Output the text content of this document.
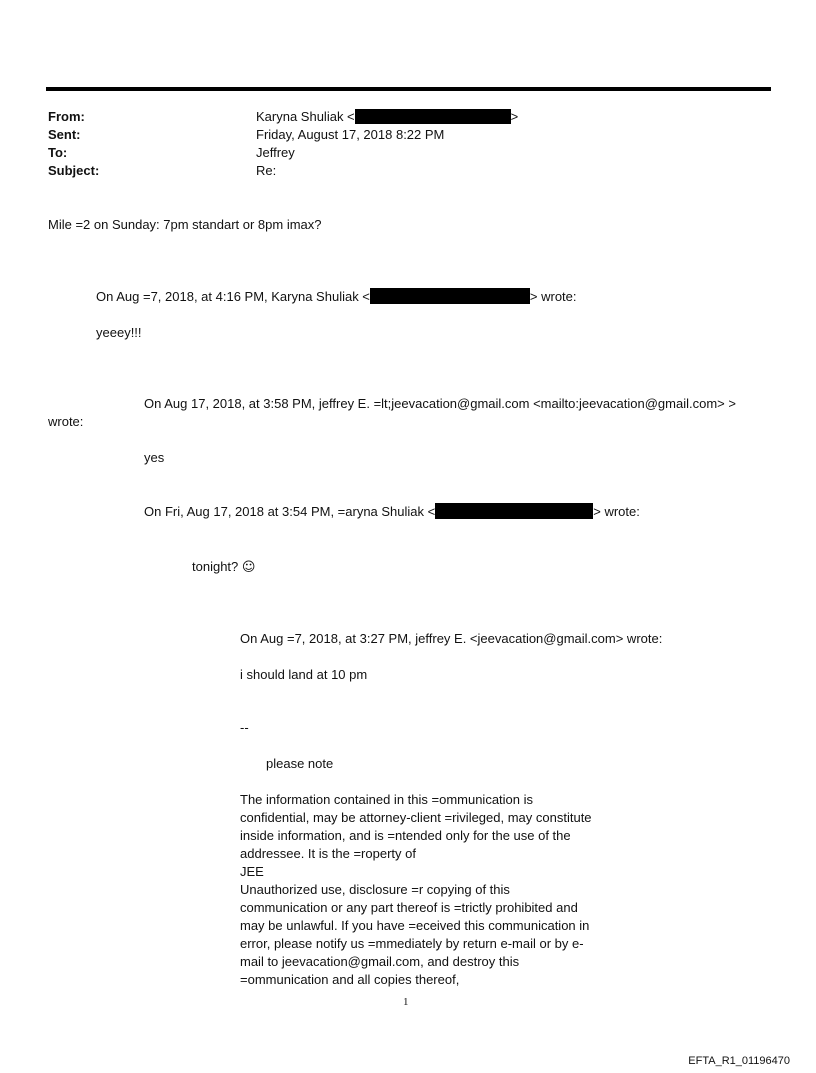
From:	Karyna Shuliak <	>
Sent:	Friday, August 17, 2018 8:22 PM
To:	Jeffrey
Subject:	Re:
Mile =2 on Sunday: 7pm standart or 8pm imax?
On Aug =7, 2018, at 4:16 PM, Karyna Shuliak <	> wrote:
yeeey!!!
On Aug 17, 2018, at 3:58 PM, jeffrey E. =lt;jeevacation@gmail.com <mailto:jeevacation@gmail.com> >
wrote:
yes
On Fri, Aug 17, 2018 at 3:54 PM, =aryna Shuliak <	> wrote:
tonight? ☺
On Aug =7, 2018, at 3:27 PM, jeffrey E. <jeevacation@gmail.com> wrote:
i should land at 10 pm
--
please note

The information contained in this =ommunication is confidential, may be attorney-client =rivileged, may constitute inside information, and is =ntended only for the use of the addressee. It is the =roperty of

JEE

Unauthorized use, disclosure =r copying of this communication or any part thereof is =trictly prohibited and may be unlawful. If you have =eceived this communication in error, please notify us =mmediately by return e-mail or by e-mail to jeevacation@gmail.com, and destroy this =ommunication and all copies thereof,

1
EFTA_R1_01196470
